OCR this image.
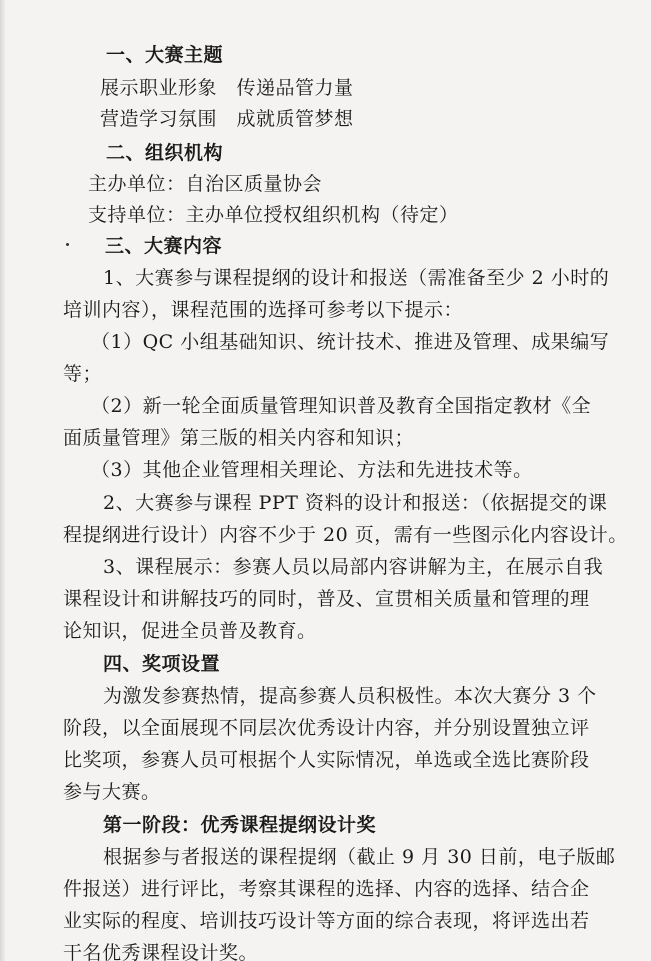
一、大赛主题
展示职业形象　传递品管力量
营造学习氛围　成就质管梦想
二、组织机构
主办单位：自治区质量协会
支持单位：主办单位授权组织机构（待定）
三、大赛内容
1、大赛参与课程提纲的设计和报送（需准备至少 2 小时的
培训内容），课程范围的选择可参考以下提示：
（1）QC 小组基础知识、统计技术、推进及管理、成果编写
等；
（2）新一轮全面质量管理知识普及教育全国指定教材《全
面质量管理》第三版的相关内容和知识；
（3）其他企业管理相关理论、方法和先进技术等。
2、大赛参与课程 PPT 资料的设计和报送：（依据提交的课
程提纲进行设计）内容不少于 20 页，需有一些图示化内容设计。
3、课程展示：参赛人员以局部内容讲解为主，在展示自我
课程设计和讲解技巧的同时，普及、宣贯相关质量和管理的理
论知识，促进全员普及教育。
四、奖项设置
为激发参赛热情，提高参赛人员积极性。本次大赛分 3 个
阶段，以全面展现不同层次优秀设计内容，并分别设置独立评
比奖项，参赛人员可根据个人实际情况，单选或全选比赛阶段
参与大赛。
第一阶段：优秀课程提纲设计奖
根据参与者报送的课程提纲（截止 9 月 30 日前，电子版邮
件报送）进行评比，考察其课程的选择、内容的选择、结合企
业实际的程度、培训技巧设计等方面的综合表现，将评选出若
干名优秀课程设计奖。
